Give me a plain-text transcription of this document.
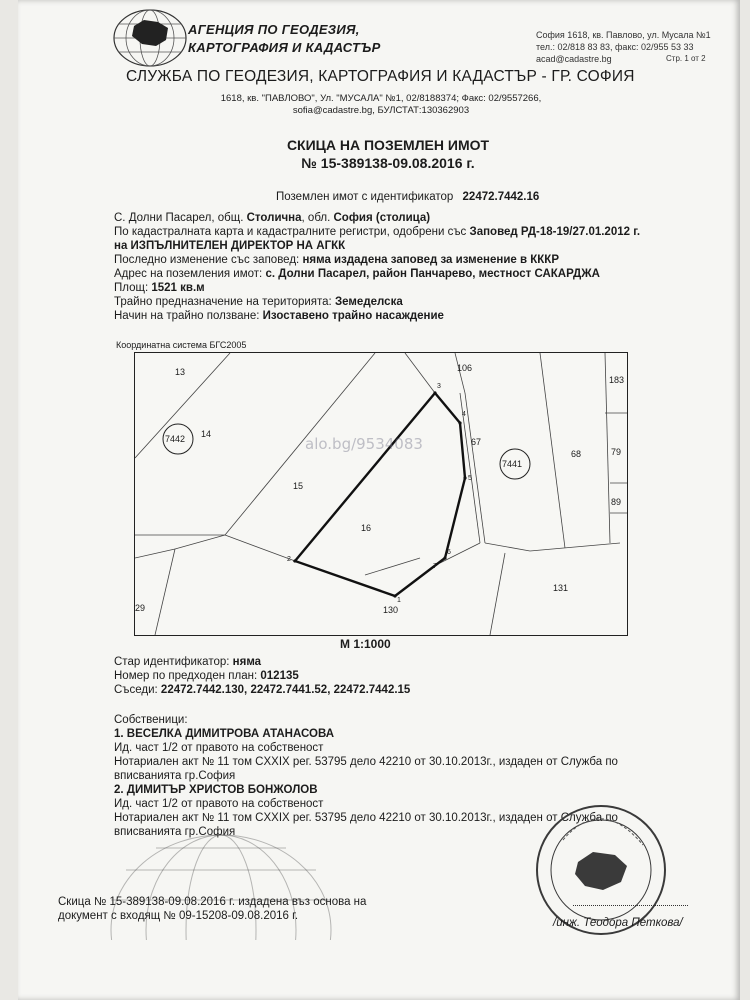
АГЕНЦИЯ ПО ГЕОДЕЗИЯ,
КАРТОГРАФИЯ И КАДАСТЪР
София 1618, кв. Павлово, ул. Мусала №1
тел.: 02/818 83 83, факс: 02/955 53 33
acad@cadastre.bg	Стр. 1 от 2
СЛУЖБА ПО ГЕОДЕЗИЯ, КАРТОГРАФИЯ И КАДАСТЪР - ГР. СОФИЯ
1618, кв. "ПАВЛОВО", Ул. "МУСАЛА" №1, 02/8188374; Факс: 02/9557266,
sofia@cadastre.bg, БУЛСТАТ:130362903
СКИЦА НА ПОЗЕМЛЕН ИМОТ
№ 15-389138-09.08.2016 г.
Поземлен имот с идентификатор 22472.7442.16
С. Долни Пасарел, общ. Столична, обл. София (столица)
По кадастралната карта и кадастралните регистри, одобрени със Заповед РД-18-19/27.01.2012 г.
на ИЗПЪЛНИТЕЛЕН ДИРЕКТОР НА АГКК
Последно изменение със заповед: няма издадена заповед за изменение в КККР
Адрес на поземления имот: с. Долни Пасарел, район Панчарево, местност САКАРДЖА
Площ: 1521 кв.м
Трайно предназначение на територията: Земеделска
Начин на трайно ползване: Изоставено трайно насаждение
Координатна система БГС2005
13
14
15
16
106
67
68	79
89
183
130
131
29
7442
7441
1
2
3
4
5
6
7
alo.bg/9534083
М 1:1000
Стар идентификатор: няма
Номер по предходен план: 012135
Съседи: 22472.7442.130, 22472.7441.52, 22472.7442.15
Собственици:
1. ВЕСЕЛКА ДИМИТРОВА АТАНАСОВА
Ид. част 1/2 от правото на собственост
Нотариален акт № 11 том CXXIX рег. 53795 дело 42210 от 30.10.2013г., издаден от Служба по
вписванията гр.София
2. ДИМИТЪР ХРИСТОВ БОНЖОЛОВ
Ид. част 1/2 от правото на собственост
Нотариален акт № 11 том CXXIX рег. 53795 дело 42210 от 30.10.2013г., издаден от Служба по
вписванията гр.София
Скица № 15-389138-09.08.2016 г. издадена въз основа на
документ с входящ № 09-15208-09.08.2016 г.
/инж. Теодора Петкова/
